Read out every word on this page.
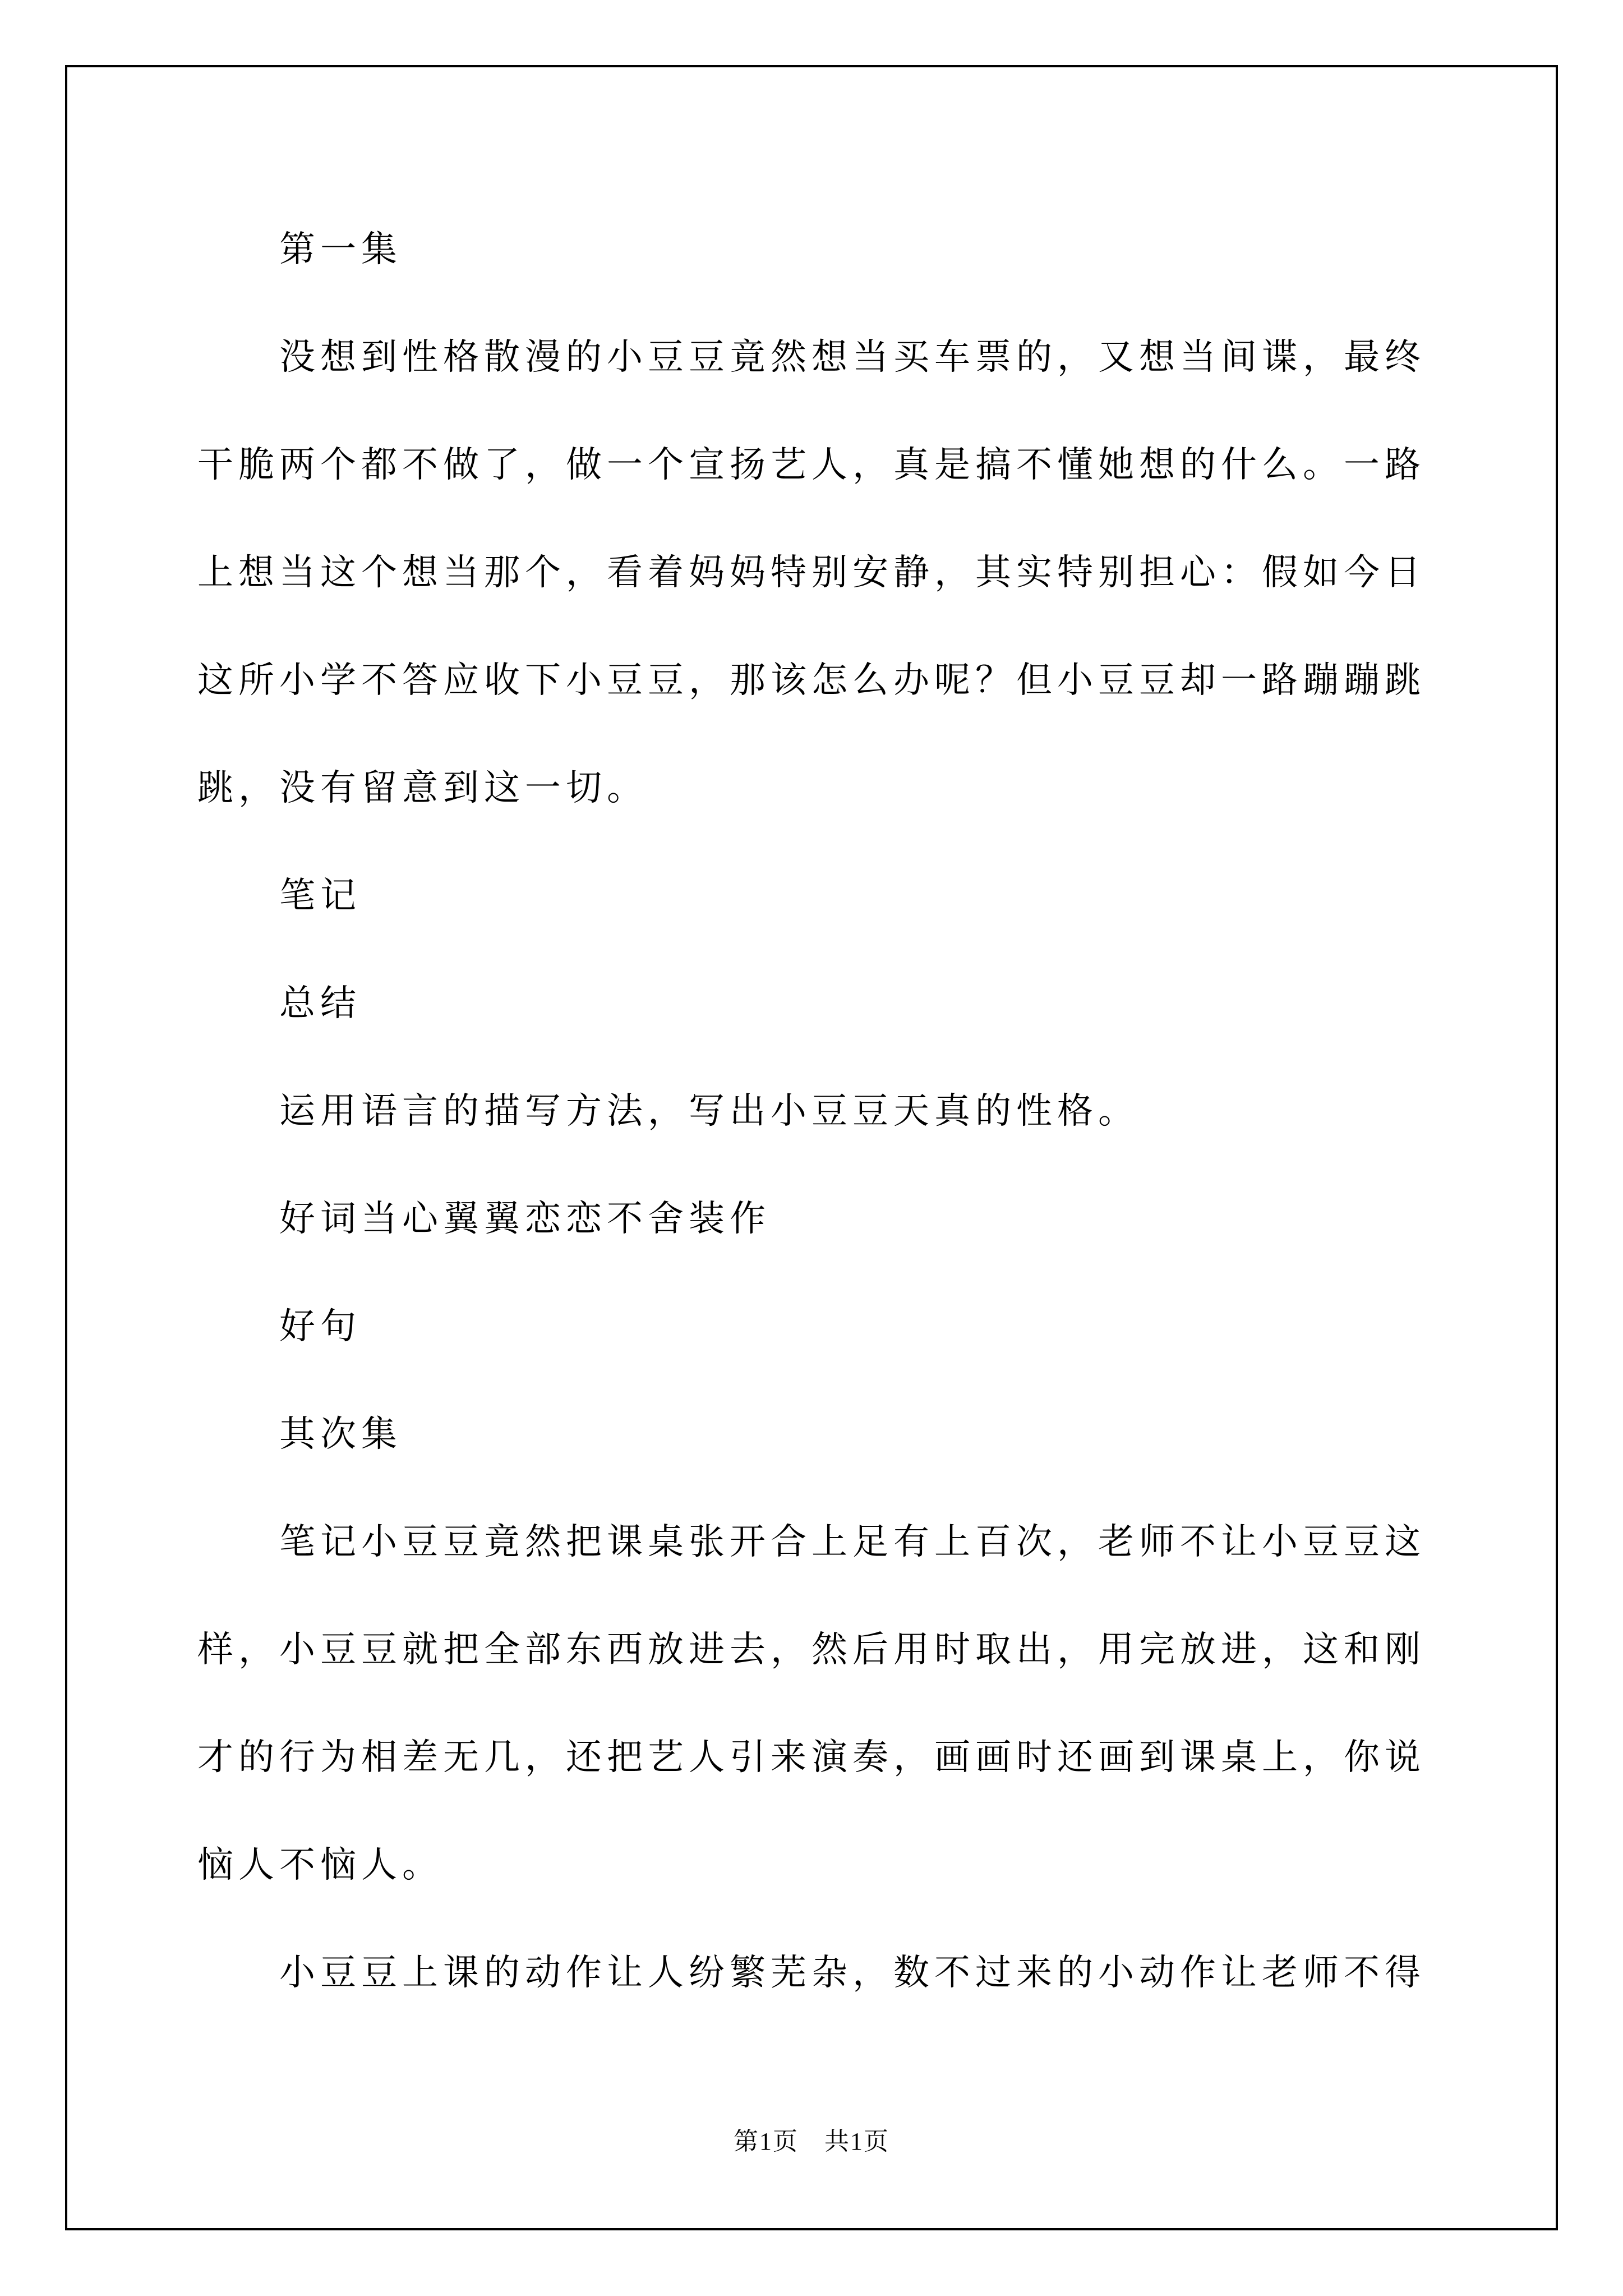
第一集
没想到性格散漫的小豆豆竟然想当买车票的，又想当间谍，最终
干脆两个都不做了，做一个宣扬艺人，真是搞不懂她想的什么。一路
上想当这个想当那个，看着妈妈特别安静，其实特别担心：假如今日
这所小学不答应收下小豆豆，那该怎么办呢？但小豆豆却一路蹦蹦跳
跳，没有留意到这一切。
笔记
总结
运用语言的描写方法，写出小豆豆天真的性格。
好词当心翼翼恋恋不舍装作
好句
其次集
笔记小豆豆竟然把课桌张开合上足有上百次，老师不让小豆豆这
样，小豆豆就把全部东西放进去，然后用时取出，用完放进，这和刚
才的行为相差无几，还把艺人引来演奏，画画时还画到课桌上，你说
恼人不恼人。
小豆豆上课的动作让人纷繁芜杂，数不过来的小动作让老师不得
第1页　共1页
